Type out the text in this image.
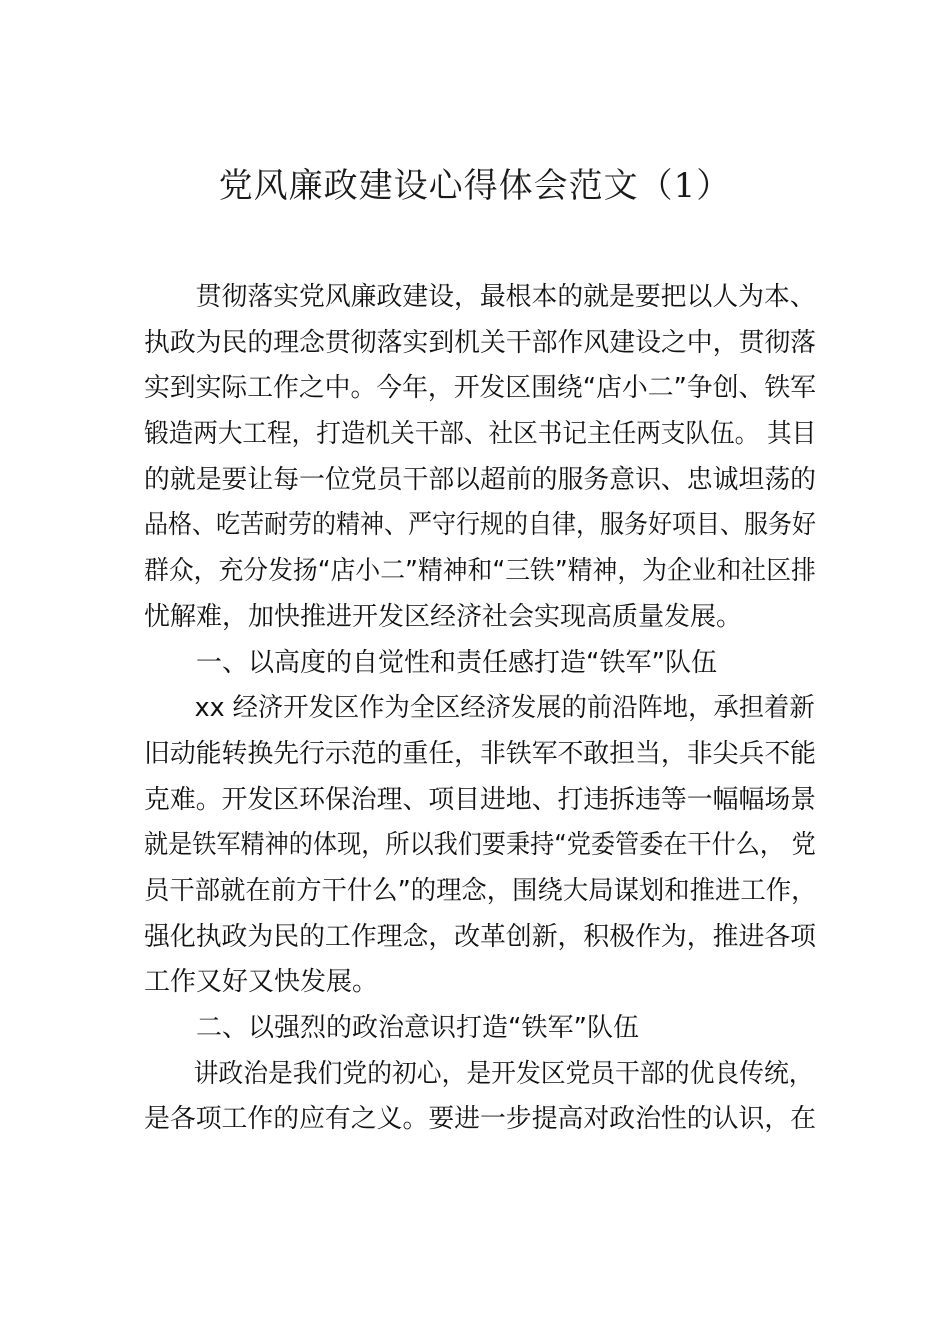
党风廉政建设心得体会范文（1）
贯彻落实党风廉政建设，最根本的就是要把以人为本、
执政为民的理念贯彻落实到机关干部作风建设之中，贯彻落
实到实际工作之中。今年，开发区围绕“店小二”争创、铁军
锻造两大工程，打造机关干部、社区书记主任两支队伍。 其目
的就是要让每一位党员干部以超前的服务意识、忠诚坦荡的
品格、吃苦耐劳的精神、严守行规的自律，服务好项目、服务好
群众，充分发扬“店小二”精神和“三铁”精神，为企业和社区排
忧解难，加快推进开发区经济社会实现高质量发展。
一、以高度的自觉性和责任感打造“铁军”队伍
xx 经济开发区作为全区经济发展的前沿阵地，承担着新
旧动能转换先行示范的重任，非铁军不敢担当，非尖兵不能
克难。开发区环保治理、项目进地、打违拆违等一幅幅场景
就是铁军精神的体现，所以我们要秉持“党委管委在干什么， 党
员干部就在前方干什么”的理念，围绕大局谋划和推进工作，
强化执政为民的工作理念，改革创新，积极作为，推进各项
工作又好又快发展。
二、以强烈的政治意识打造“铁军”队伍
讲政治是我们党的初心，是开发区党员干部的优良传统，
是各项工作的应有之义。要进一步提高对政治性的认识，在
